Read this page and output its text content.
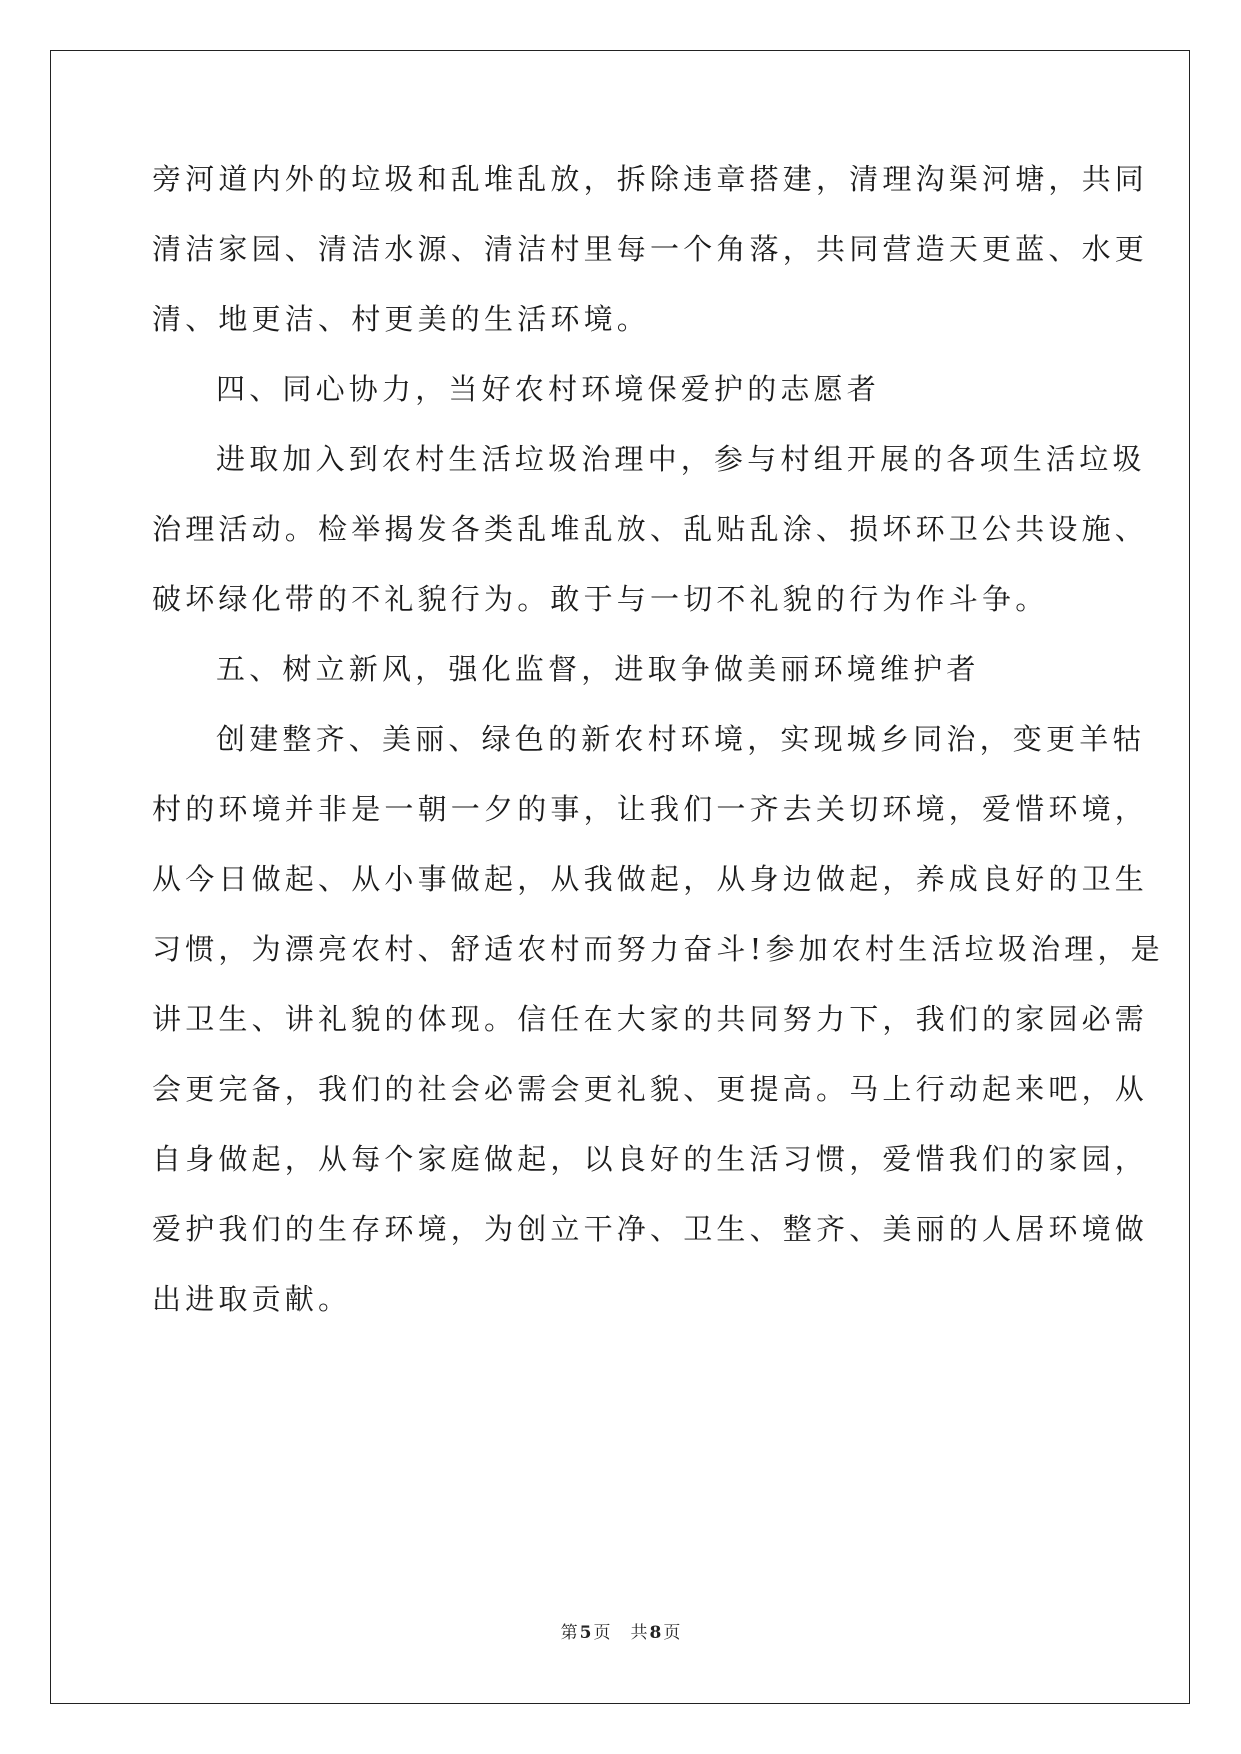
旁河道内外的垃圾和乱堆乱放，拆除违章搭建，清理沟渠河塘，共同
清洁家园、清洁水源、清洁村里每一个角落，共同营造天更蓝、水更
清、地更洁、村更美的生活环境。
四、同心协力，当好农村环境保爱护的志愿者
进取加入到农村生活垃圾治理中，参与村组开展的各项生活垃圾
治理活动。检举揭发各类乱堆乱放、乱贴乱涂、损坏环卫公共设施、
破坏绿化带的不礼貌行为。敢于与一切不礼貌的行为作斗争。
五、树立新风，强化监督，进取争做美丽环境维护者
创建整齐、美丽、绿色的新农村环境，实现城乡同治，变更羊牯
村的环境并非是一朝一夕的事，让我们一齐去关切环境，爱惜环境，
从今日做起、从小事做起，从我做起，从身边做起，养成良好的卫生
习惯，为漂亮农村、舒适农村而努力奋斗!参加农村生活垃圾治理，是
讲卫生、讲礼貌的体现。信任在大家的共同努力下，我们的家园必需
会更完备，我们的社会必需会更礼貌、更提高。马上行动起来吧，从
自身做起，从每个家庭做起，以良好的生活习惯，爱惜我们的家园，
爱护我们的生存环境，为创立干净、卫生、整齐、美丽的人居环境做
出进取贡献。
第 5 页 共 8 页
